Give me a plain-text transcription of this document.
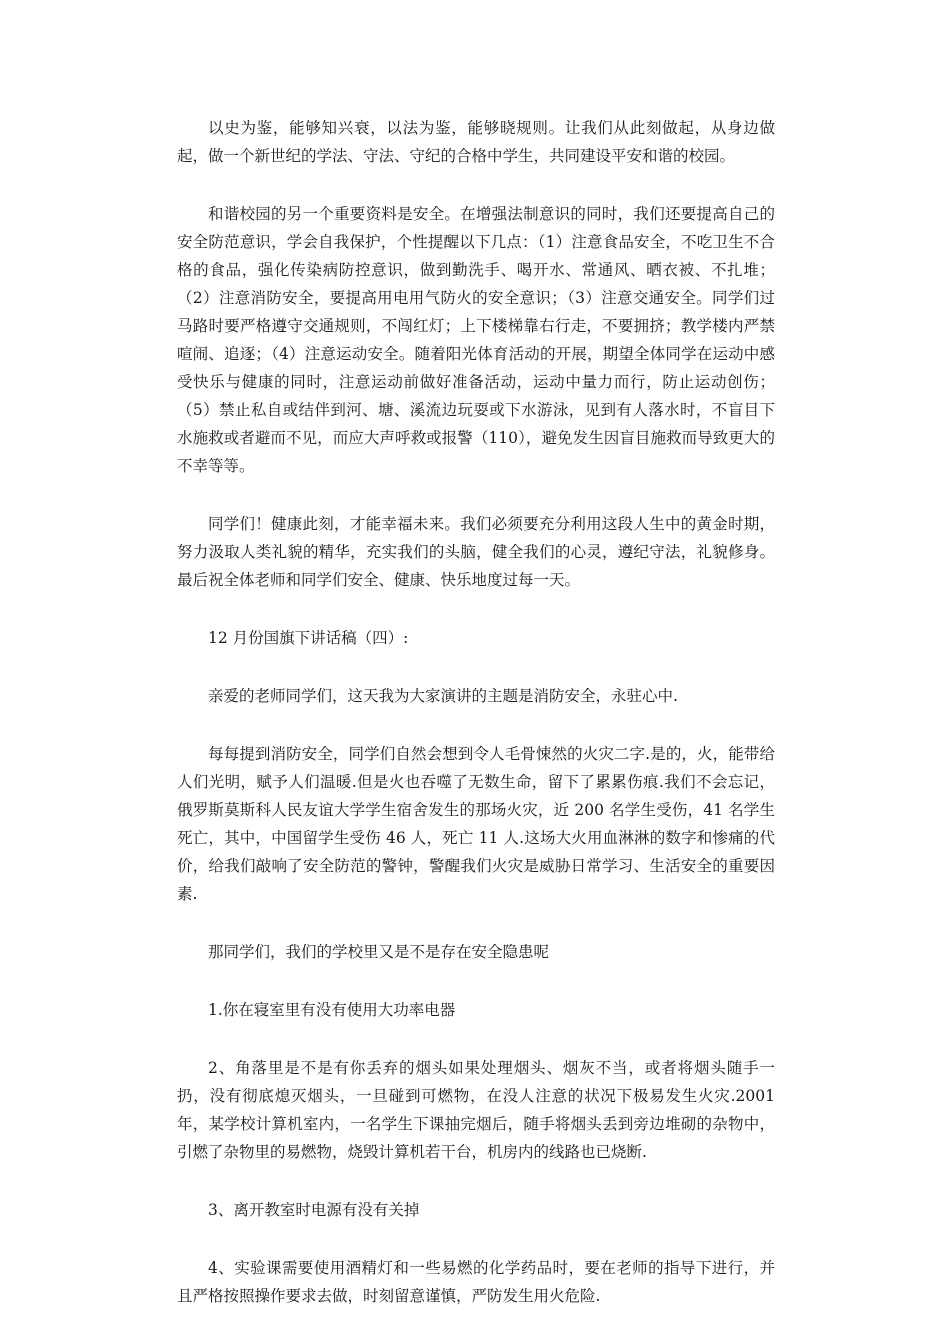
以史为鉴，能够知兴衰，以法为鉴，能够晓规则。让我们从此刻做起，从身边做起，做一个新世纪的学法、守法、守纪的合格中学生，共同建设平安和谐的校园。

和谐校园的另一个重要资料是安全。在增强法制意识的同时，我们还要提高自己的安全防范意识，学会自我保护，个性提醒以下几点：（1）注意食品安全，不吃卫生不合格的食品，强化传染病防控意识，做到勤洗手、喝开水、常通风、晒衣被、不扎堆；（2）注意消防安全，要提高用电用气防火的安全意识；（3）注意交通安全。同学们过马路时要严格遵守交通规则，不闯红灯；上下楼梯靠右行走，不要拥挤；教学楼内严禁喧闹、追逐；（4）注意运动安全。随着阳光体育活动的开展，期望全体同学在运动中感受快乐与健康的同时，注意运动前做好准备活动，运动中量力而行，防止运动创伤；（5）禁止私自或结伴到河、塘、溪流边玩耍或下水游泳，见到有人落水时，不盲目下水施救或者避而不见，而应大声呼救或报警（110），避免发生因盲目施救而导致更大的不幸等等。

同学们！健康此刻，才能幸福未来。我们必须要充分利用这段人生中的黄金时期，努力汲取人类礼貌的精华，充实我们的头脑，健全我们的心灵，遵纪守法，礼貌修身。最后祝全体老师和同学们安全、健康、快乐地度过每一天。

12 月份国旗下讲话稿（四）:

亲爱的老师同学们，这天我为大家演讲的主题是消防安全，永驻心中.

每每提到消防安全，同学们自然会想到令人毛骨悚然的火灾二字.是的，火，能带给人们光明，赋予人们温暖.但是火也吞噬了无数生命，留下了累累伤痕.我们不会忘记，俄罗斯莫斯科人民友谊大学学生宿舍发生的那场火灾，近 200 名学生受伤，41 名学生死亡，其中，中国留学生受伤 46 人，死亡 11 人.这场大火用血淋淋的数字和惨痛的代价，给我们敲响了安全防范的警钟，警醒我们火灾是威胁日常学习、生活安全的重要因素.

那同学们，我们的学校里又是不是存在安全隐患呢

1.你在寝室里有没有使用大功率电器

2、角落里是不是有你丢弃的烟头如果处理烟头、烟灰不当，或者将烟头随手一扔，没有彻底熄灭烟头，一旦碰到可燃物，在没人注意的状况下极易发生火灾.2001 年，某学校计算机室内，一名学生下课抽完烟后，随手将烟头丢到旁边堆砌的杂物中，引燃了杂物里的易燃物，烧毁计算机若干台，机房内的线路也已烧断.

3、离开教室时电源有没有关掉

4、实验课需要使用酒精灯和一些易燃的化学药品时，要在老师的指导下进行，并且严格按照操作要求去做，时刻留意谨慎，严防发生用火危险.
